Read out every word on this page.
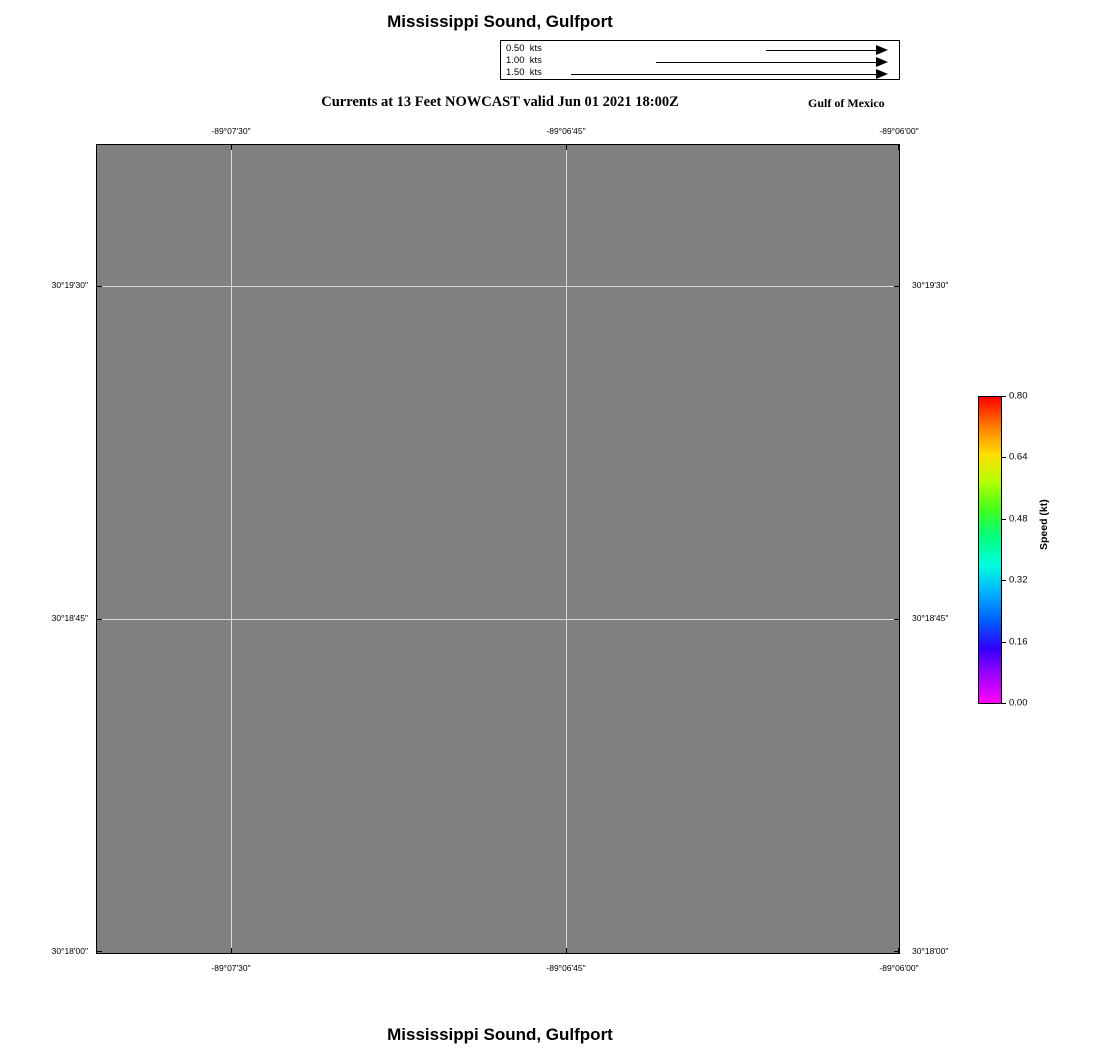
Mississippi Sound, Gulfport
0.50  kts
1.00  kts
1.50  kts
Currents at 13 Feet NOWCAST valid Jun 01 2021 18:00Z	Gulf of Mexico
-89°07'30"	-89°06'45"	-89°06'00"
-89°07'30"	-89°06'45"	-89°06'00"
30°19'30"
30°18'45"
30°18'00"
30°19'30"
30°18'45"
30°18'00"
0.80
0.64
0.48
0.32
0.16
0.00
Speed (kt)
Mississippi Sound, Gulfport
